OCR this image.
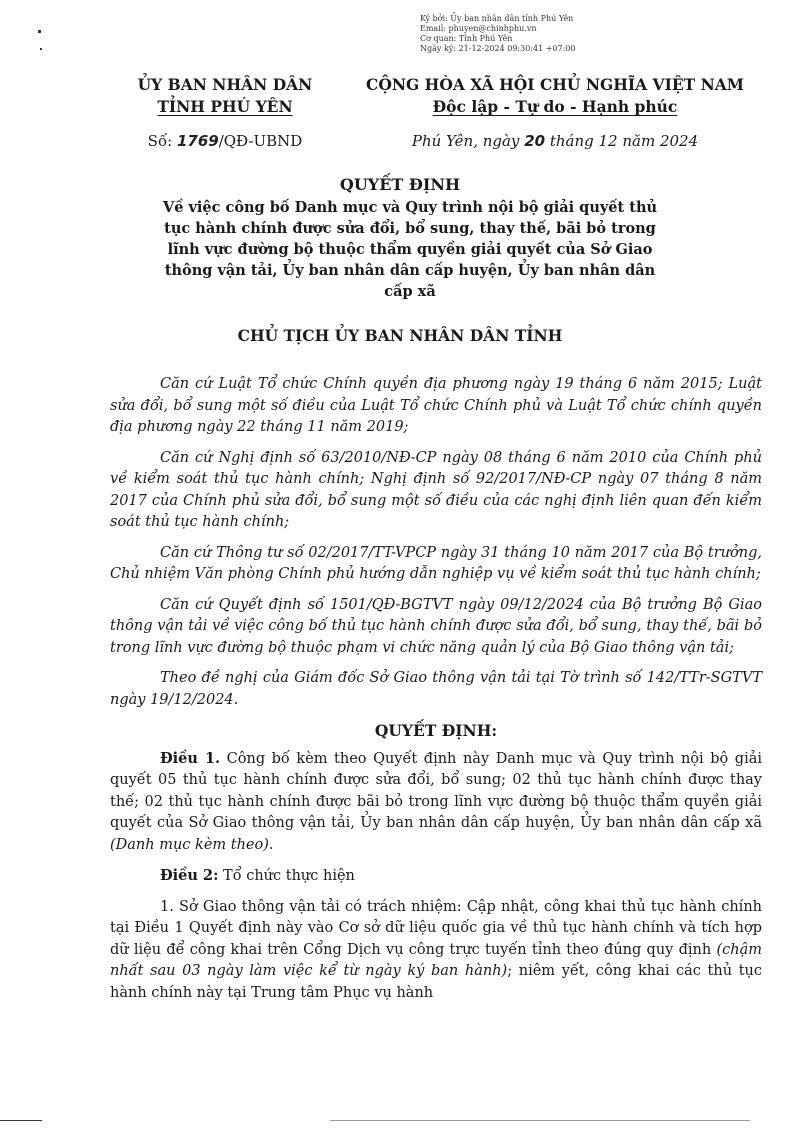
Ký bởi: Ủy ban nhân dân tỉnh Phú Yên
Email: phuyen@chinhphu.vn
Cơ quan: Tỉnh Phú Yên
Ngày ký: 21-12-2024 09:30:41 +07:00
ỦY BAN NHÂN DÂN
TỈNH PHÚ YÊN
CỘNG HÒA XÃ HỘI CHỦ NGHĨA VIỆT NAM
Độc lập - Tự do - Hạnh phúc
Số: 1769/QĐ-UBND	Phú Yên, ngày 20 tháng 12 năm 2024
QUYẾT ĐỊNH
Về việc công bố Danh mục và Quy trình nội bộ giải quyết thủ tục hành chính được sửa đổi, bổ sung, thay thế, bãi bỏ trong lĩnh vực đường bộ thuộc thẩm quyền giải quyết của Sở Giao thông vận tải, Ủy ban nhân dân cấp huyện, Ủy ban nhân dân cấp xã
CHỦ TỊCH ỦY BAN NHÂN DÂN TỈNH

Căn cứ Luật Tổ chức Chính quyền địa phương ngày 19 tháng 6 năm 2015; Luật sửa đổi, bổ sung một số điều của Luật Tổ chức Chính phủ và Luật Tổ chức chính quyền địa phương ngày 22 tháng 11 năm 2019;

Căn cứ Nghị định số 63/2010/NĐ-CP ngày 08 tháng 6 năm 2010 của Chính phủ về kiểm soát thủ tục hành chính; Nghị định số 92/2017/NĐ-CP ngày 07 tháng 8 năm 2017 của Chính phủ sửa đổi, bổ sung một số điều của các nghị định liên quan đến kiểm soát thủ tục hành chính;

Căn cứ Thông tư số 02/2017/TT-VPCP ngày 31 tháng 10 năm 2017 của Bộ trưởng, Chủ nhiệm Văn phòng Chính phủ hướng dẫn nghiệp vụ về kiểm soát thủ tục hành chính;

Căn cứ Quyết định số 1501/QĐ-BGTVT ngày 09/12/2024 của Bộ trưởng Bộ Giao thông vận tải về việc công bố thủ tục hành chính được sửa đổi, bổ sung, thay thế, bãi bỏ trong lĩnh vực đường bộ thuộc phạm vi chức năng quản lý của Bộ Giao thông vận tải;

Theo đề nghị của Giám đốc Sở Giao thông vận tải tại Tờ trình số 142/TTr-SGTVT ngày 19/12/2024.

QUYẾT ĐỊNH:

Điều 1. Công bố kèm theo Quyết định này Danh mục và Quy trình nội bộ giải quyết 05 thủ tục hành chính được sửa đổi, bổ sung; 02 thủ tục hành chính được thay thế; 02 thủ tục hành chính được bãi bỏ trong lĩnh vực đường bộ thuộc thẩm quyền giải quyết của Sở Giao thông vận tải, Ủy ban nhân dân cấp huyện, Ủy ban nhân dân cấp xã (Danh mục kèm theo).

Điều 2: Tổ chức thực hiện

1. Sở Giao thông vận tải có trách nhiệm: Cập nhật, công khai thủ tục hành chính tại Điều 1 Quyết định này vào Cơ sở dữ liệu quốc gia về thủ tục hành chính và tích hợp dữ liệu để công khai trên Cổng Dịch vụ công trực tuyến tỉnh theo đúng quy định (chậm nhất sau 03 ngày làm việc kể từ ngày ký ban hành); niêm yết, công khai các thủ tục hành chính này tại Trung tâm Phục vụ hành
